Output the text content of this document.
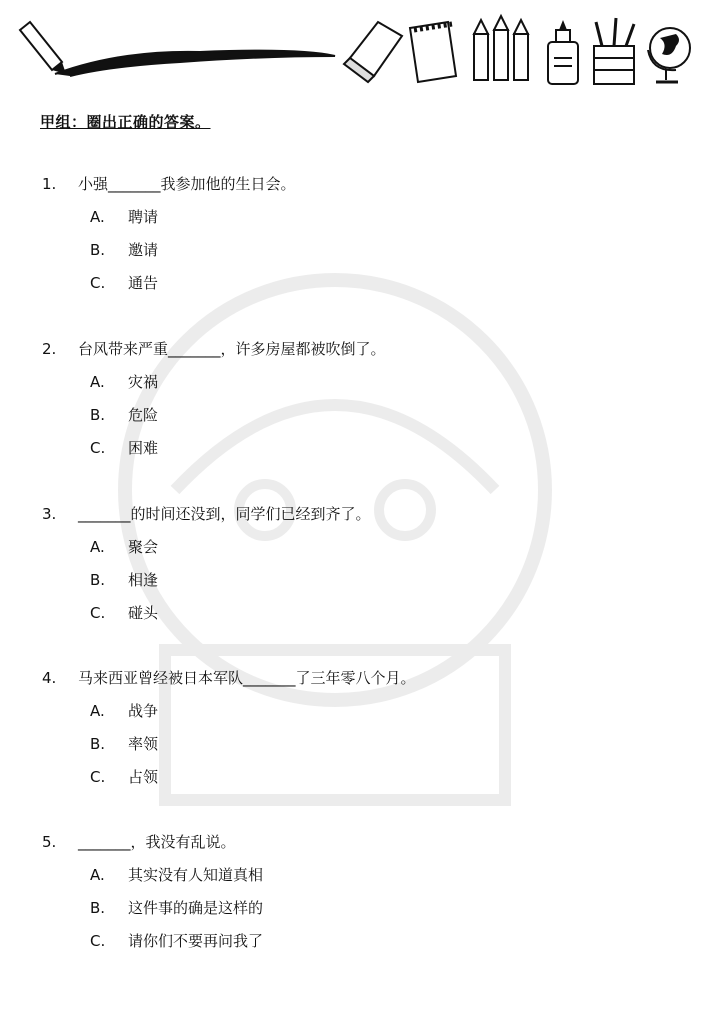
甲组：圈出正确的答案。
1.	小强_______我参加他的生日会。
A.	聘请
B.	邀请
C.	通告
2.	台风带来严重_______，许多房屋都被吹倒了。
A.	灾祸
B.	危险
C.	困难
3.	_______的时间还没到，同学们已经到齐了。
A.	聚会
B.	相逢
C.	碰头
4.	马来西亚曾经被日本军队_______了三年零八个月。
A.	战争
B.	率领
C.	占领
5.	_______，我没有乱说。
A.	其实没有人知道真相
B.	这件事的确是这样的
C.	请你们不要再问我了
